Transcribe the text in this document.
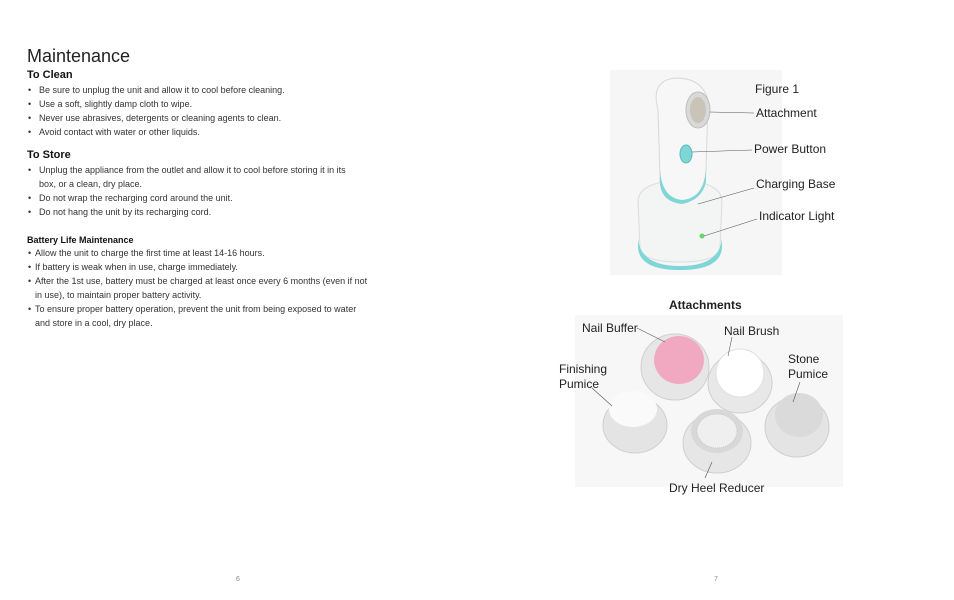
Maintenance
To Clean
• Be sure to unplug the unit and allow it to cool before cleaning.
• Use a soft, slightly damp cloth to wipe.
• Never use abrasives, detergents or cleaning agents to clean.
• Avoid contact with water or other liquids.
To Store
• Unplug the appliance from the outlet and allow it to cool before storing it in its box, or a clean, dry place.
• Do not wrap the recharging cord around the unit.
• Do not hang the unit by its recharging cord.
Battery Life Maintenance
• Allow the unit to charge the first time at least 14-16 hours.
• If battery is weak when in use, charge immediately.
• After the 1st use, battery must be charged at least once every 6 months (even if not in use), to maintain proper battery activity.
• To ensure proper battery operation, prevent the unit from being exposed to water and store in a cool, dry place.
6
Figure 1
Attachment
Power Button
Charging Base
Indicator Light
Attachments
Nail Buffer	Nail Brush
Stone Pumice
Finishing Pumice
Dry Heel Reducer
7
